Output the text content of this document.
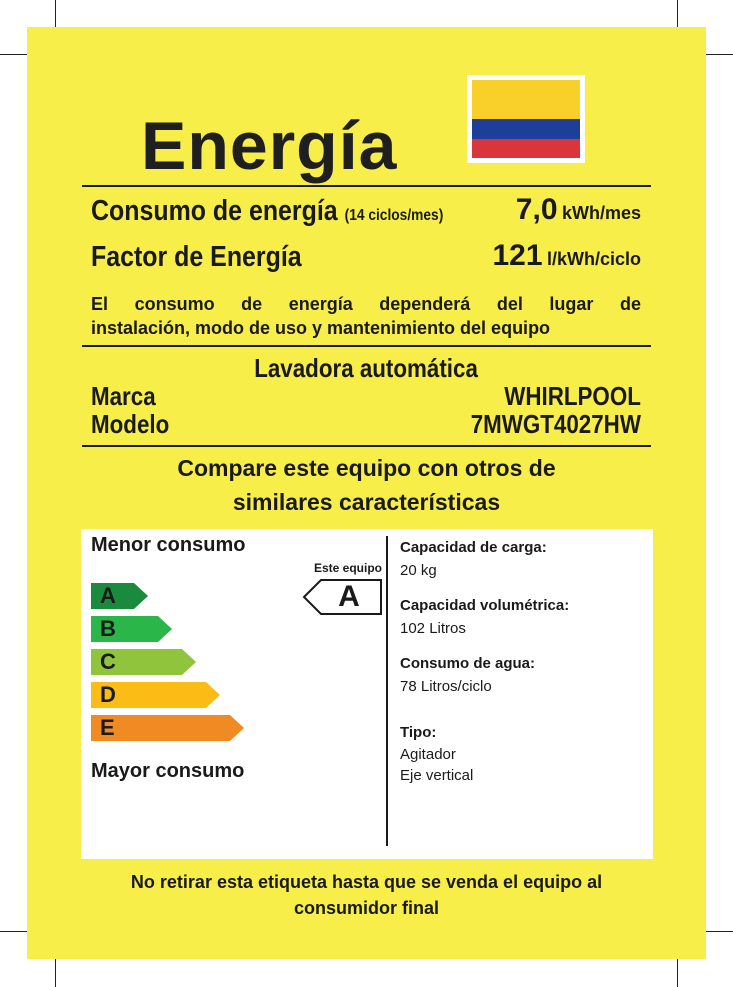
Energía
Consumo de energía (14 ciclos/mes) 7,0 kWh/mes
Factor de Energía	121 l/kWh/ciclo
El consumo de energía dependerá del lugar de
instalación, modo de uso y mantenimiento del equipo
Lavadora automática
Marca	WHIRLPOOL
Modelo	7MWGT4027HW
Compare este equipo con otros de
similares características
Menor consumo
A
B
C
D
E
Este equipo
A
Mayor consumo
Capacidad de carga:
20 kg
Capacidad volumétrica:
102 Litros
Consumo de agua:
78 Litros/ciclo
Tipo:
Agitador
Eje vertical
No retirar esta etiqueta hasta que se venda el equipo al
consumidor final
